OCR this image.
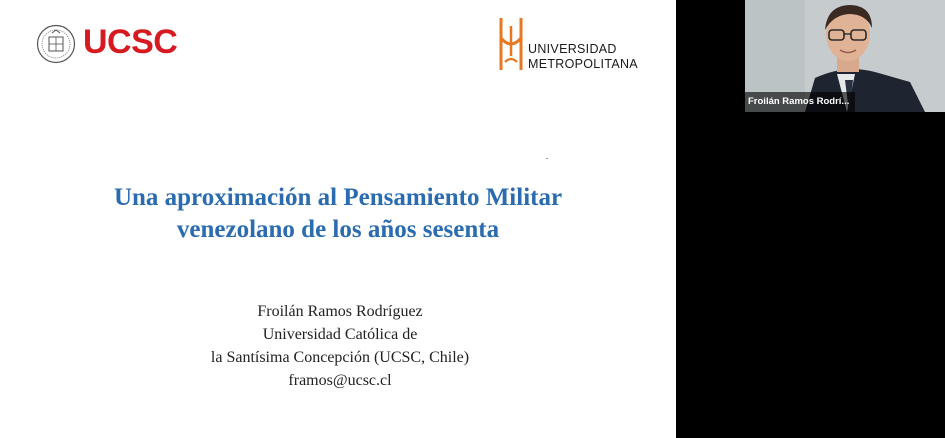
UCSC	UNIVERSIDAD
METROPOLITANA
Una aproximación al Pensamiento Militar
venezolano de los años sesenta
Froilán Ramos Rodríguez
Universidad Católica de
la Santísima Concepción (UCSC, Chile)
framos@ucsc.cl
Froilán Ramos Rodrí...
